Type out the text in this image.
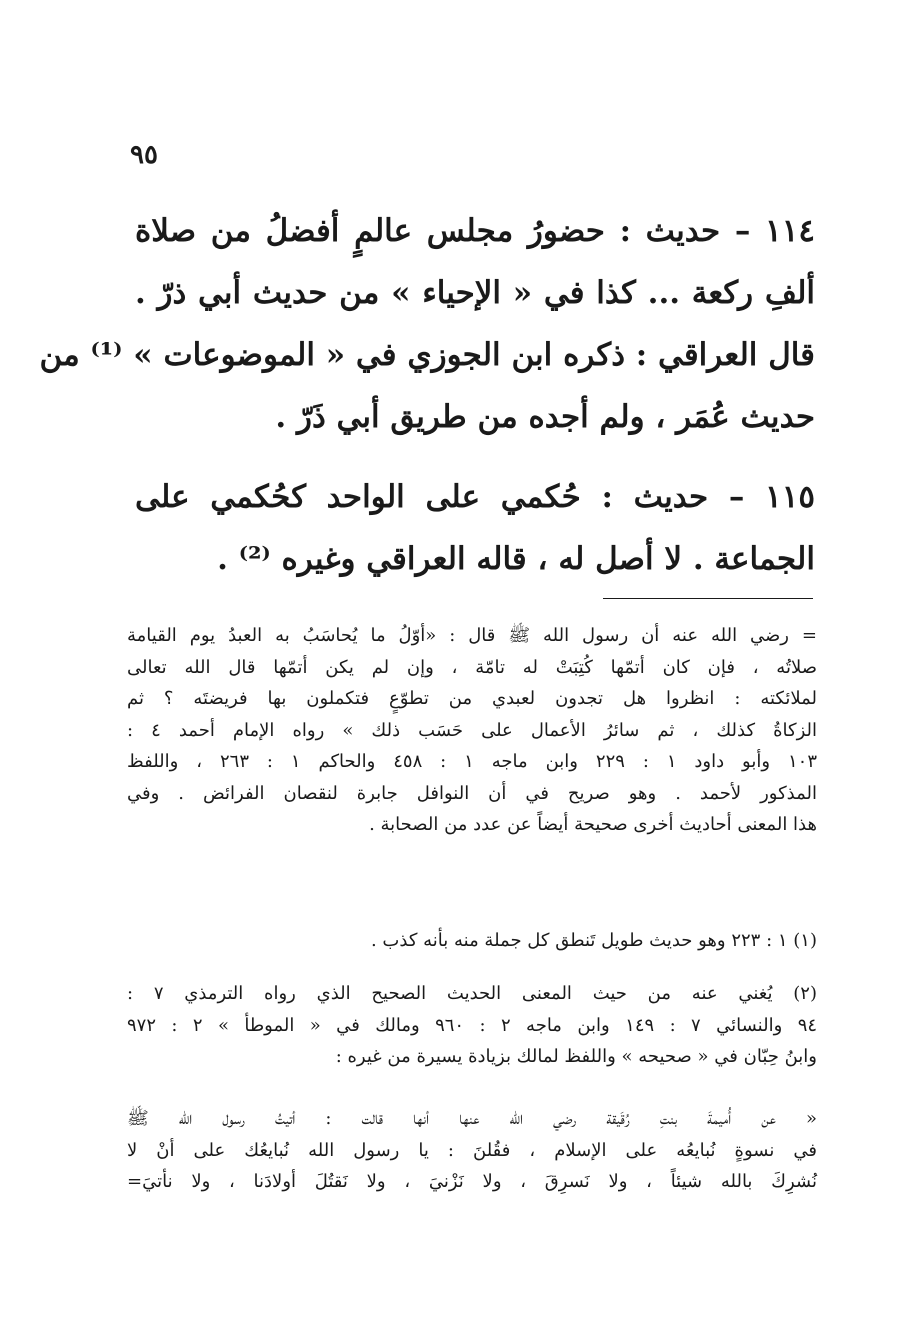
٩٥
١١٤ – حديث : حضورُ مجلس عالمٍ أفضلُ من صلاة
ألفِ ركعة ... كذا في « الإحياء » من حديث أبي ذرّ .
قال العراقي : ذكره ابن الجوزي في « الموضوعات » ⁽¹⁾ من
حديث عُمَر ، ولم أجده من طريق أبي ذَرّ .
١١٥ – حديث : حُكمي على الواحد كحُكمي على
الجماعة . لا أصل له ، قاله العراقي وغيره ⁽²⁾ .
= رضي الله عنه أن رسول الله ﷺ قال : «أوّلُ ما يُحاسَبُ به العبدُ يوم القيامة
صلاتُه ، فإن كان أتمّها كُتِبَتْ له تامّة ، وإن لم يكن أتمّها قال الله تعالى
لملائكته : انظروا هل تجدون لعبدي من تطوّعٍ فتكملون بها فريضتَه ؟ ثم
الزكاةُ كذلك ، ثم سائرُ الأعمال على حَسَب ذلك » رواه الإمام أحمد ٤ :
١٠٣ وأبو داود ١ : ٢٢٩ وابن ماجه ١ : ٤٥٨ والحاكم ١ : ٢٦٣ ، واللفظ
المذكور لأحمد . وهو صريح في أن النوافل جابرة لنقصان الفرائض . وفي
هذا المعنى أحاديث أخرى صحيحة أيضاً عن عدد من الصحابة .
(١) ١ : ٢٢٣ وهو حديث طويل تَنطق كل جملة منه بأنه كذب .
(٢) يُغني عنه من حيث المعنى الحديث الصحيح الذي رواه الترمذي ٧ :
٩٤ والنسائي ٧ : ١٤٩ وابن ماجه ٢ : ٩٦٠ ومالك في « الموطأ » ٢ : ٩٧٢
وابنُ حِبّان في « صحيحه » واللفظ لمالك بزيادة يسيرة من غيره :
« عن أُميمةَ بنتِ رُقَيقة رضي الله عنها أنها قالت : أتيتُ رسول الله ﷺ
في نسوةٍ نُبايعُه على الإسلام ، فقُلنَ : يا رسول الله نُبايعُك على أنْ لا
نُشرِكَ بالله شيئاً ، ولا نَسرِقَ ، ولا نَزْنيَ ، ولا نَقتُلَ أولادَنا ، ولا نأتيَ=
